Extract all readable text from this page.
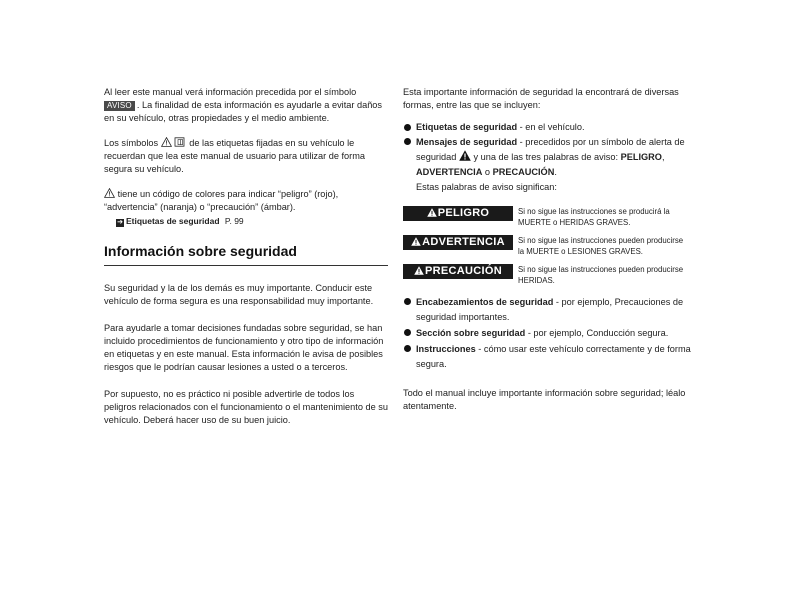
Al leer este manual verá información precedida por el símbolo
AVISO . La finalidad de esta información es ayudarle a evitar daños en su vehículo, otras propiedades y el medio ambiente.

Los símbolos	de las etiquetas fijadas en su vehículo le recuerdan que lea este manual de usuario para utilizar de forma segura su vehículo.

tiene un código de colores para indicar “peligro” (rojo), “advertencia” (naranja) o “precaución” (ámbar).

➔ Etiquetas de seguridad P. 99
Información sobre seguridad

Su seguridad y la de los demás es muy importante. Conducir este vehículo de forma segura es una responsabilidad muy importante.

Para ayudarle a tomar decisiones fundadas sobre seguridad, se han incluido procedimientos de funcionamiento y otro tipo de información en etiquetas y en este manual. Esta información le avisa de posibles riesgos que le podrían causar lesiones a usted o a terceros.

Por supuesto, no es práctico ni posible advertirle de todos los peligros relacionados con el funcionamiento o el mantenimiento de su vehículo. Deberá hacer uso de su buen juicio.

Esta importante información de seguridad la encontrará de diversas formas, entre las que se incluyen:

Etiquetas de seguridad - en el vehículo.
Mensajes de seguridad - precedidos por un símbolo de alerta de seguridad y una de las tres palabras de aviso: PELIGRO, ADVERTENCIA o PRECAUCIÓN.
Estas palabras de aviso significan:
PELIGRO	Si no sigue las instrucciones se producirá la MUERTE o HERIDAS GRAVES.
ADVERTENCIA	Si no sigue las instrucciones pueden producirse la MUERTE o LESIONES GRAVES.
PRECAUCIÓN	Si no sigue las instrucciones pueden producirse HERIDAS.
Encabezamientos de seguridad - por ejemplo, Precauciones de seguridad importantes.
Sección sobre seguridad - por ejemplo, Conducción segura.
Instrucciones - cómo usar este vehículo correctamente y de forma segura.

Todo el manual incluye importante información sobre seguridad; léalo atentamente.
